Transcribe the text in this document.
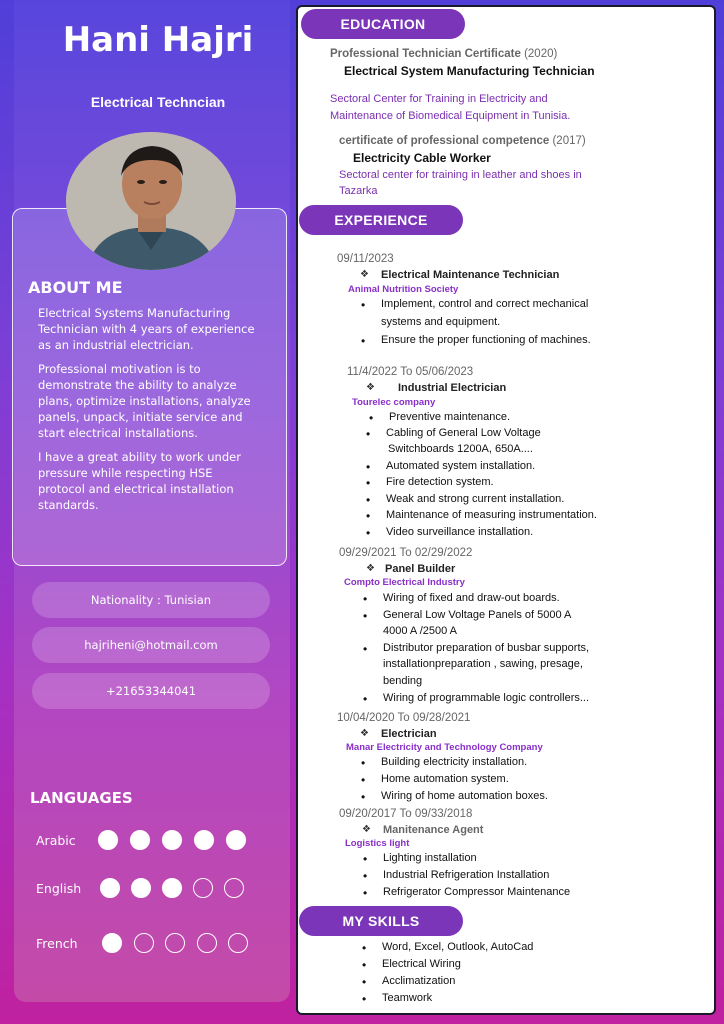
Hani Hajri
Electrical Techncian
ABOUT ME

Electrical Systems Manufacturing Technician with 4 years of experience as an industrial electrician.

Professional motivation is to demonstrate the ability to analyze plans, optimize installations, analyze panels, unpack, initiate service and start electrical installations.

I have a great ability to work under pressure while respecting HSE protocol and electrical installation standards.

Nationality : Tunisian
hajriheni@hotmail.com
+21653344041
LANGUAGES
Arabic
English
French
EDUCATION
Professional Technician Certificate (2020)
Electrical System Manufacturing Technician
Sectoral Center for Training in Electricity and
Maintenance of Biomedical Equipment in Tunisia.
certificate of professional competence (2017)
Electricity Cable Worker
Sectoral center for training in leather and shoes in
Tazarka
EXPERIENCE
09/11/2023
❖ Electrical Maintenance Technician
Animal Nutrition Society
• Implement, control and correct mechanical
systems and equipment.
• Ensure the proper functioning of machines.
11/4/2022 To 05/06/2023
❖ Industrial Electrician
Tourelec company
• Preventive maintenance.
• Cabling of General Low Voltage
Switchboards 1200A, 650A....
• Automated system installation.
• Fire detection system.
• Weak and strong current installation.
• Maintenance of measuring instrumentation.
• Video surveillance installation.
09/29/2021 To 02/29/2022
❖ Panel Builder
Compto Electrical Industry
• Wiring of fixed and draw-out boards.
• General Low Voltage Panels of 5000 A
4000 A /2500 A
• Distributor preparation of busbar supports,
installationpreparation , sawing, presage,
bending
• Wiring of programmable logic controllers...
10/04/2020 To 09/28/2021
❖ Electrician
Manar Electricity and Technology Company
• Building electricity installation.
• Home automation system.
• Wiring of home automation boxes.
09/20/2017 To 09/33/2018
❖ Manitenance Agent
Logistics light
• Lighting installation
• Industrial Refrigeration Installation
• Refrigerator Compressor Maintenance
MY SKILLS
• Word, Excel, Outlook, AutoCad
• Electrical Wiring
• Acclimatization
• Teamwork
